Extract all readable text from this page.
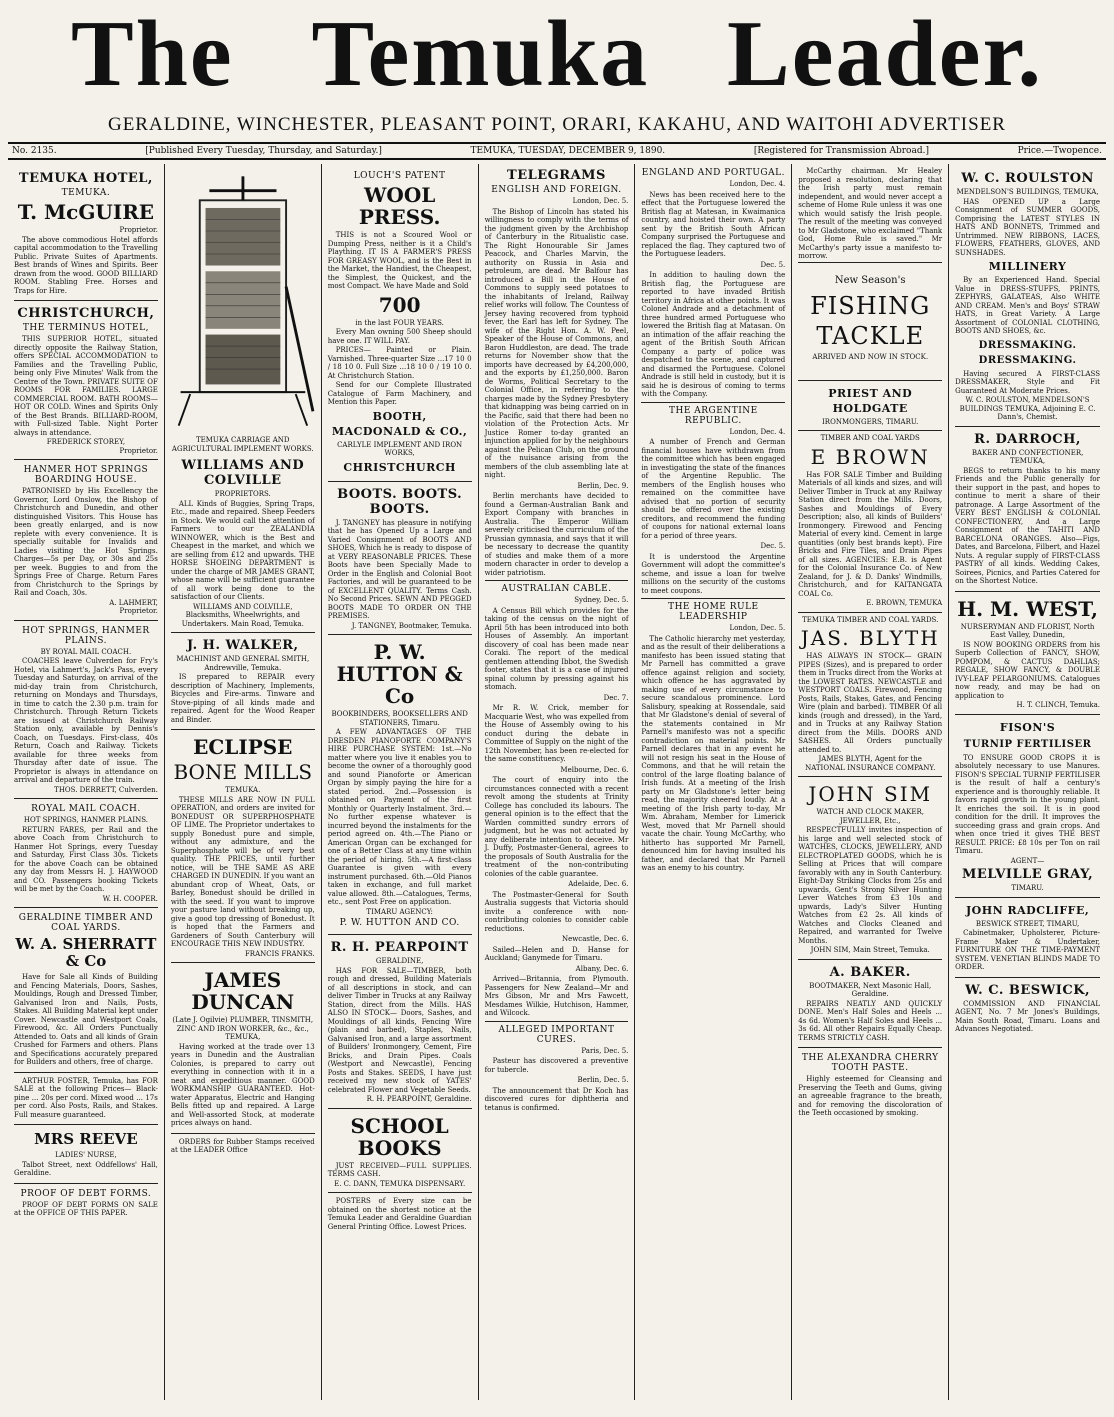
The Temuka Leader.
GERALDINE, WINCHESTER, PLEASANT POINT, ORARI, KAKAHU, AND WAITOHI ADVERTISER
No. 2135.	[Published Every Tuesday, Thursday, and Saturday.]	TEMUKA, TUESDAY, DECEMBER 9, 1890.	[Registered for Transmission Abroad.]	Price.—Twopence.
TEMUKA HOTEL,
TEMUKA.
T. McGUIRE
Proprietor.

The above commodious Hotel affords capital accommodation to the Travelling Public. Private Suites of Apartments. Best brands of Wines and Spirits. Beer drawn from the wood. GOOD BILLIARD ROOM. Stabling Free. Horses and Traps for Hire.

CHRISTCHURCH,
THE TERMINUS HOTEL,

THIS SUPERIOR HOTEL, situated directly opposite the Railway Station, offers SPECIAL ACCOMMODATION to Families and the Travelling Public, being only Five Minutes' Walk from the Centre of the Town. PRIVATE SUITE OF ROOMS FOR FAMILIES. LARGE COMMERCIAL ROOM. BATH ROOMS—HOT OR COLD. Wines and Spirits Only of the Best Brands. BILLIARD-ROOM, with Full-sized Table. Night Porter always in attendance.

FREDERICK STOREY,
Proprietor.
HANMER HOT SPRINGS BOARDING HOUSE.

PATRONISED by His Excellency the Governor, Lord Onslow, the Bishop of Christchurch and Dunedin, and other distinguished Visitors. This House has been greatly enlarged, and is now replete with every convenience. It is specially suitable for Invalids and Ladies visiting the Hot Springs. Charges—5s per Day, or 30s and 25s per week. Buggies to and from the Springs Free of Charge. Return Fares from Christchurch to the Springs by Rail and Coach, 30s.

A. LAHMERT,
Proprietor.
HOT SPRINGS, HANMER PLAINS.
BY ROYAL MAIL COACH.

COACHES leave Culverden for Fry's Hotel, via Lahmert's, Jack's Pass, every Tuesday and Saturday, on arrival of the mid-day train from Christchurch, returning on Mondays and Thursdays, in time to catch the 2.30 p.m. train for Christchurch. Through Return Tickets are issued at Christchurch Railway Station only, available by Dennis's Coach, on Tuesdays. First-class, 40s Return, Coach and Railway. Tickets available for three weeks from Thursday after date of issue. The Proprietor is always in attendance on arrival and departure of the train.

THOS. DERRETT, Culverden.
ROYAL MAIL COACH.
HOT SPRINGS, HANMER PLAINS.

RETURN FARES, per Rail and the above Coach from Christchurch to Hanmer Hot Springs, every Tuesday and Saturday, First Class 30s. Tickets for the above Coach can be obtained any day from Messrs H. J. HAYWOOD and CO. Passengers booking Tickets will be met by the Coach.

W. H. COOPER.
GERALDINE TIMBER AND COAL YARDS.
W. A. SHERRATT & Co

Have for Sale all Kinds of Building and Fencing Materials, Doors, Sashes, Mouldings, Rough and Dressed Timber, Galvanised Iron and Nails, Posts, Stakes. All Building Material kept under Cover. Newcastle and Westport Coals, Firewood, &c. All Orders Punctually Attended to. Oats and all kinds of Grain Crushed for Farmers and others. Plans and Specifications accurately prepared for Builders and others, free of charge.

ARTHUR FOSTER, Temuka, has FOR SALE at the following Prices— Black-pine ... 20s per cord. Mixed wood ... 17s per cord. Also Posts, Rails, and Stakes. Full measure guaranteed.

MRS REEVE
LADIES' NURSE,

Talbot Street, next Oddfellows' Hall, Geraldine.

PROOF OF DEBT FORMS.

PROOF OF DEBT FORMS ON SALE at the OFFICE OF THIS PAPER.

TEMUKA CARRIAGE AND AGRICULTURAL IMPLEMENT WORKS.
WILLIAMS AND COLVILLE
PROPRIETORS.

ALL Kinds of Buggies, Spring Traps, Etc., made and repaired. Sheep Feeders in Stock. We would call the attention of Farmers to our ZEALANDIA WINNOWER, which is the Best and Cheapest in the market, and which we are selling from £12 and upwards. THE HORSE SHOEING DEPARTMENT is under the charge of MR JAMES GRANT, whose name will be sufficient guarantee of all work being done to the satisfaction of our Clients.

WILLIAMS AND COLVILLE, Blacksmiths, Wheelwrights, and Undertakers. Main Road, Temuka.
J. H. WALKER,
MACHINIST AND GENERAL SMITH, Andrewville, Temuka.

IS prepared to REPAIR every description of Machinery, Implements, Bicycles and Fire-arms. Tinware and Stove-piping of all kinds made and repaired. Agent for the Wood Reaper and Binder.

ECLIPSE
BONE MILLS
TEMUKA.

THESE MILLS ARE NOW IN FULL OPERATION, and orders are invited for BONEDUST OR SUPERPHOSPHATE OF LIME. The Proprietor undertakes to supply Bonedust pure and simple, without any admixture, and the Superphosphate will be of very best quality. THE PRICES, until further notice, will be THE SAME AS ARE CHARGED IN DUNEDIN. If you want an abundant crop of Wheat, Oats, or Barley, Bonedust should be drilled in with the seed. If you want to improve your pasture land without breaking up, give a good top dressing of Bonedust. It is hoped that the Farmers and Gardeners of South Canterbury will ENCOURAGE THIS NEW INDUSTRY.

FRANCIS FRANKS.
JAMES DUNCAN
(Late J. Ogilvie) PLUMBER, TINSMITH, ZINC AND IRON WORKER, &c., &c., TEMUKA,

Having worked at the trade over 13 years in Dunedin and the Australian Colonies, is prepared to carry out everything in connection with it in a neat and expeditious manner. GOOD WORKMANSHIP GUARANTEED. Hot-water Apparatus, Electric and Hanging Bells fitted up and repaired. A Large and Well-assorted Stock, at moderate prices always on hand.

ORDERS for Rubber Stamps received at the LEADER Office

LOUCH'S PATENT
WOOL PRESS.

THIS is not a Scoured Wool or Dumping Press, neither is it a Child's Plaything. IT IS A FARMER'S PRESS FOR GREASY WOOL, and is the Best in the Market, the Handiest, the Cheapest, the Simplest, the Quickest, and the most Compact. We have Made and Sold

700
in the last FOUR YEARS.

Every Man owning 500 Sheep should have one. IT WILL PAY.

PRICES— Painted or Plain. Varnished. Three-quarter Size ...17 10 0 / 18 10 0. Full Size ...18 10 0 / 19 10 0. At Christchurch Station.

Send for our Complete Illustrated Catalogue of Farm Machinery, and Mention this Paper.

BOOTH, MACDONALD & CO.,
CARLYLE IMPLEMENT AND IRON WORKS,
CHRISTCHURCH
BOOTS. BOOTS. BOOTS.

J. TANGNEY has pleasure in notifying that he has Opened Up a Large and Varied Consignment of BOOTS AND SHOES, Which he is ready to dispose of at VERY REASONABLE PRICES. These Boots have been Specially Made to Order in the English and Colonial Boot Factories, and will be guaranteed to be of EXCELLENT QUALITY. Terms Cash. No Second Prices. SEWN AND PEGGED BOOTS MADE TO ORDER ON THE PREMISES.

J. TANGNEY, Bootmaker, Temuka.
P. W. HUTTON & Co
BOOKBINDERS, BOOKSELLERS AND STATIONERS, Timaru.

A FEW ADVANTAGES OF THE DRESDEN PIANOFORTE COMPANY'S HIRE PURCHASE SYSTEM: 1st.—No matter where you live it enables you to become the owner of a thoroughly good and sound Pianoforte or American Organ by simply paying the hire for a stated period. 2nd.—Possession is obtained on Payment of the first Monthly or Quarterly Instalment. 3rd.—No further expense whatever is incurred beyond the instalments for the period agreed on. 4th.—The Piano or American Organ can be exchanged for one of a Better Class at any time within the period of hiring. 5th.—A first-class Guarantee is given with every instrument purchased. 6th.—Old Pianos taken in exchange, and full market value allowed. 8th.—Catalogues, Terms, etc., sent Post Free on application.

TIMARU AGENCY:
P. W. HUTTON AND CO.
R. H. PEARPOINT
GERALDINE,

HAS FOR SALE—TIMBER, both rough and dressed, Building Materials of all descriptions in stock, and can deliver Timber in Trucks at any Railway Station, direct from the Mills. HAS ALSO IN STOCK— Doors, Sashes, and Mouldings of all kinds, Fencing Wire (plain and barbed), Staples, Nails, Galvanised Iron, and a large assortment of Builders' Ironmongery, Cement, Fire Bricks, and Drain Pipes. Coals (Westport and Newcastle), Fencing Posts and Stakes. SEEDS, I have just received my new stock of YATES' celebrated Flower and Vegetable Seeds.

R. H. PEARPOINT, Geraldine.
SCHOOL BOOKS

JUST RECEIVED—FULL SUPPLIES. TERMS CASH.

E. C. DANN, TEMUKA DISPENSARY.

POSTERS of Every size can be obtained on the shortest notice at the Temuka Leader and Geraldine Guardian General Printing Office. Lowest Prices.

TELEGRAMS
ENGLISH AND FOREIGN.
London, Dec. 5.

The Bishop of Lincoln has stated his willingness to comply with the terms of the judgment given by the Archbishop of Canterbury in the Ritualistic case. The Right Honourable Sir James Peacock, and Charles Marvin, the authority on Russia in Asia and petroleum, are dead. Mr Balfour has introduced a Bill in the House of Commons to supply seed potatoes to the inhabitants of Ireland, Railway relief works will follow. The Countess of Jersey having recovered from typhoid fever, the Earl has left for Sydney. The wife of the Right Hon. A. W. Peel, Speaker of the House of Commons, and Baron Huddleston, are dead. The trade returns for November show that the imports have decreased by £4,200,000, and the exports by £1,250,000. Baron de Worms, Political Secretary to the Colonial Office, in referring to the charges made by the Sydney Presbytery that kidnapping was being carried on in the Pacific, said that there had been no violation of the Protection Acts. Mr Justice Romer to-day granted an injunction applied for by the neighbours against the Pelican Club, on the ground of the nuisance arising from the members of the club assembling late at night.

Berlin, Dec. 9.

Berlin merchants have decided to found a German-Australian Bank and Export Company with branches in Australia. The Emperor William severely criticised the curriculum of the Prussian gymnasia, and says that it will be necessary to decrease the quantity of studies and make them of a more modern character in order to develop a wider patriotism.

AUSTRALIAN CABLE.
Sydney, Dec. 5.

A Census Bill which provides for the taking of the census on the night of April 5th has been introduced into both Houses of Assembly. An important discovery of coal has been made near Coraki. The report of the medical gentlemen attending Ibbot, the Swedish footer, states that it is a case of injured spinal column by pressing against his stomach.

Dec. 7.

Mr R. W. Crick, member for Macquarie West, who was expelled from the House of Assembly owing to his conduct during the debate in Committee of Supply on the night of the 12th November, has been re-elected for the same constituency.

Melbourne, Dec. 6.

The court of enquiry into the circumstances connected with a recent revolt among the students at Trinity College has concluded its labours. The general opinion is to the effect that the Warden committed sundry errors of judgment, but he was not actuated by any deliberate intention to deceive. Mr J. Duffy, Postmaster-General, agrees to the proposals of South Australia for the treatment of the non-contributing colonies of the cable guarantee.

Adelaide, Dec. 6.

The Postmaster-General for South Australia suggests that Victoria should invite a conference with non-contributing colonies to consider cable reductions.

Newcastle, Dec. 6.

Sailed—Helen and D. Hanse for Auckland; Ganymede for Timaru.

Albany, Dec. 6.

Arrived—Britannia, from Plymouth. Passengers for New Zealand—Mr and Mrs Gibson, Mr and Mrs Fawcett, Mesdames Wilkie, Hutchison, Hammer, and Wilcock.

ALLEGED IMPORTANT CURES.
Paris, Dec. 5.

Pasteur has discovered a preventive for tubercle.

Berlin, Dec. 5.

The announcement that Dr Koch has discovered cures for diphtheria and tetanus is confirmed.

ENGLAND AND PORTUGAL.
London, Dec. 4.

News has been received here to the effect that the Portuguese lowered the British flag at Matesan, in Kwaimanica country, and hoisted their own. A party sent by the British South African Company surprised the Portuguese and replaced the flag. They captured two of the Portuguese leaders.

Dec. 5.

In addition to hauling down the British flag, the Portuguese are reported to have invaded British territory in Africa at other points. It was Colonel Andrade and a detachment of three hundred armed Portuguese who lowered the British flag at Matasan. On an intimation of the affair reaching the agent of the British South African Company a party of police was despatched to the scene, and captured and disarmed the Portuguese. Colonel Andrade is still held in custody, but it is said he is desirous of coming to terms with the Company.

THE ARGENTINE REPUBLIC.
London, Dec. 4.

A number of French and German financial houses have withdrawn from the committee which has been engaged in investigating the state of the finances of the Argentine Republic. The members of the English houses who remained on the committee have advised that no portion of security should be offered over the existing creditors, and recommend the funding of coupons for national external loans for a period of three years.

Dec. 5.

It is understood the Argentine Government will adopt the committee's scheme, and issue a loan for twelve millions on the security of the customs to meet coupons.

THE HOME RULE LEADERSHIP
London, Dec. 5.

The Catholic hierarchy met yesterday, and as the result of their deliberations a manifesto has been issued stating that Mr Parnell has committed a grave offence against religion and society, which offence he has aggravated by making use of every circumstance to secure scandalous prominence. Lord Salisbury, speaking at Rossendale, said that Mr Gladstone's denial of several of the statements contained in Mr Parnell's manifesto was not a specific contradiction on material points. Mr Parnell declares that in any event he will not resign his seat in the House of Commons, and that he will retain the control of the large floating balance of Irish funds. At a meeting of the Irish party on Mr Gladstone's letter being read, the majority cheered loudly. At a meeting of the Irish party to-day, Mr Wm. Abraham, Member for Limerick West, moved that Mr Parnell should vacate the chair. Young McCarthy, who hitherto has supported Mr Parnell, denounced him for having insulted his father, and declared that Mr Parnell was an enemy to his country.

McCarthy chairman. Mr Healey proposed a resolution, declaring that the Irish party must remain independent, and would never accept a scheme of Home Rule unless it was one which would satisfy the Irish people. The result of the meeting was conveyed to Mr Gladstone, who exclaimed "Thank God, Home Rule is saved." Mr McCarthy's party issue a manifesto to-morrow.

New Season's
FISHING
TACKLE
ARRIVED AND NOW IN STOCK.
PRIEST AND HOLDGATE
IRONMONGERS, TIMARU.
TIMBER AND COAL YARDS
E BROWN

Has FOR SALE Timber and Building Materials of all kinds and sizes, and will Deliver Timber in Truck at any Railway Station direct from the Mills. Doors, Sashes and Mouldings of Every Description; also, all kinds of Builders' Ironmongery. Firewood and Fencing Material of every kind. Cement in large quantities (only best brands kept). Fire Bricks and Fire Tiles, and Drain Pipes of all sizes. AGENCIES: E.B. is Agent for the Colonial Insurance Co. of New Zealand, for J. & D. Danks' Windmills, Christchurch, and for KAITANGATA COAL Co.

E. BROWN, TEMUKA
TEMUKA TIMBER AND COAL YARDS.
JAS. BLYTH

HAS ALWAYS IN STOCK— GRAIN PIPES (Sizes), and is prepared to order them in Trucks direct from the Works at the LOWEST RATES. NEWCASTLE and WESTPORT COALS. Firewood, Fencing Posts, Rails, Stakes, Gates, and Fencing Wire (plain and barbed). TIMBER Of all kinds (rough and dressed), in the Yard, and in Trucks at any Railway Station direct from the Mills. DOORS AND SASHES. All Orders punctually attended to.

JAMES BLYTH, Agent for the NATIONAL INSURANCE COMPANY.
JOHN SIM
WATCH AND CLOCK MAKER, JEWELLER, Etc.,

RESPECTFULLY invites inspection of his large and well selected stock of WATCHES, CLOCKS, JEWELLERY, AND ELECTROPLATED GOODS, which he is Selling at Prices that will compare favorably with any in South Canterbury. Eight-Day Striking Clocks from 25s and upwards, Gent's Strong Silver Hunting Lever Watches from £3 10s and upwards, Lady's Silver Hunting Watches from £2 2s. All kinds of Watches and Clocks Cleaned and Repaired, and warranted for Twelve Months.

JOHN SIM, Main Street, Temuka.
A. BAKER.
BOOTMAKER, Next Masonic Hall, Geraldine.

REPAIRS NEATLY AND QUICKLY DONE. Men's Half Soles and Heels ... 4s 6d. Women's Half Soles and Heels ... 3s 6d. All other Repairs Equally Cheap. TERMS STRICTLY CASH.

THE ALEXANDRA CHERRY TOOTH PASTE.

Highly esteemed for Cleansing and Preserving the Teeth and Gums, giving an agreeable fragrance to the breath, and for removing the discoloration of the Teeth occasioned by smoking.

W. C. ROULSTON
MENDELSON'S BUILDINGS, TEMUKA,

HAS OPENED UP a Large Consignment of SUMMER GOODS, Comprising the LATEST STYLES IN HATS AND BONNETS, Trimmed and Untrimmed. NEW RIBBONS, LACES, FLOWERS, FEATHERS, GLOVES, AND SUNSHADES.

MILLINERY

By an Experienced Hand. Special Value in DRESS-STUFFS, PRINTS, ZEPHYRS, GALATEAS, Also WHITE AND CREAM. Men's and Boys' STRAW HATS, in Great Variety. A Large Assortment of COLONIAL CLOTHING, BOOTS AND SHOES, &c.

DRESSMAKING. DRESSMAKING.

Having secured A FIRST-CLASS DRESSMAKER, Style and Fit Guaranteed At Moderate Prices.

W. C. ROULSTON, MENDELSON'S BUILDINGS TEMUKA, Adjoining E. C. Dann's, Chemist.
R. DARROCH,
BAKER AND CONFECTIONER, TEMUKA,

BEGS to return thanks to his many Friends and the Public generally for their support in the past, and hopes to continue to merit a share of their patronage. A Large Assortment of the VERY BEST ENGLISH & COLONIAL CONFECTIONERY, And a Large Consignment of the TAHITI AND BARCELONA ORANGES. Also—Figs, Dates, and Barcelona, Filbert, and Hazel Nuts. A regular supply of FIRST-CLASS PASTRY of all kinds. Wedding Cakes, Soirees, Picnics, and Parties Catered for on the Shortest Notice.

H. M. WEST,
NURSERYMAN AND FLORIST, North East Valley, Dunedin,

IS NOW BOOKING ORDERS from his Superb Collection of FANCY, SHOW, POMPOM, & CACTUS DAHLIAS; REGALE, SHOW FANCY, & DOUBLE IVY-LEAF PELARGONIUMS. Catalogues now ready, and may be had on application to

H. T. CLINCH, Temuka.
FISON'S
TURNIP FERTILISER

TO ENSURE GOOD CROPS it is absolutely necessary to use Manures. FISON'S SPECIAL TURNIP FERTILISER is the result of half a century's experience and is thoroughly reliable. It favors rapid growth in the young plant. It enriches the soil. It is in good condition for the drill. It improves the succeeding grass and grain crops. And when once tried it gives THE BEST RESULT. PRICE: £8 10s per Ton on rail Timaru.

AGENT—
MELVILLE GRAY,
TIMARU.
JOHN RADCLIFFE,
BESWICK STREET, TIMARU,

Cabinetmaker, Upholsterer, Picture-Frame Maker & Undertaker, FURNITURE ON THE TIME-PAYMENT SYSTEM. VENETIAN BLINDS MADE TO ORDER.

W. C. BESWICK,

COMMISSION AND FINANCIAL AGENT, No. 7 Mr Jones's Buildings, Main South Road, Timaru. Loans and Advances Negotiated.
